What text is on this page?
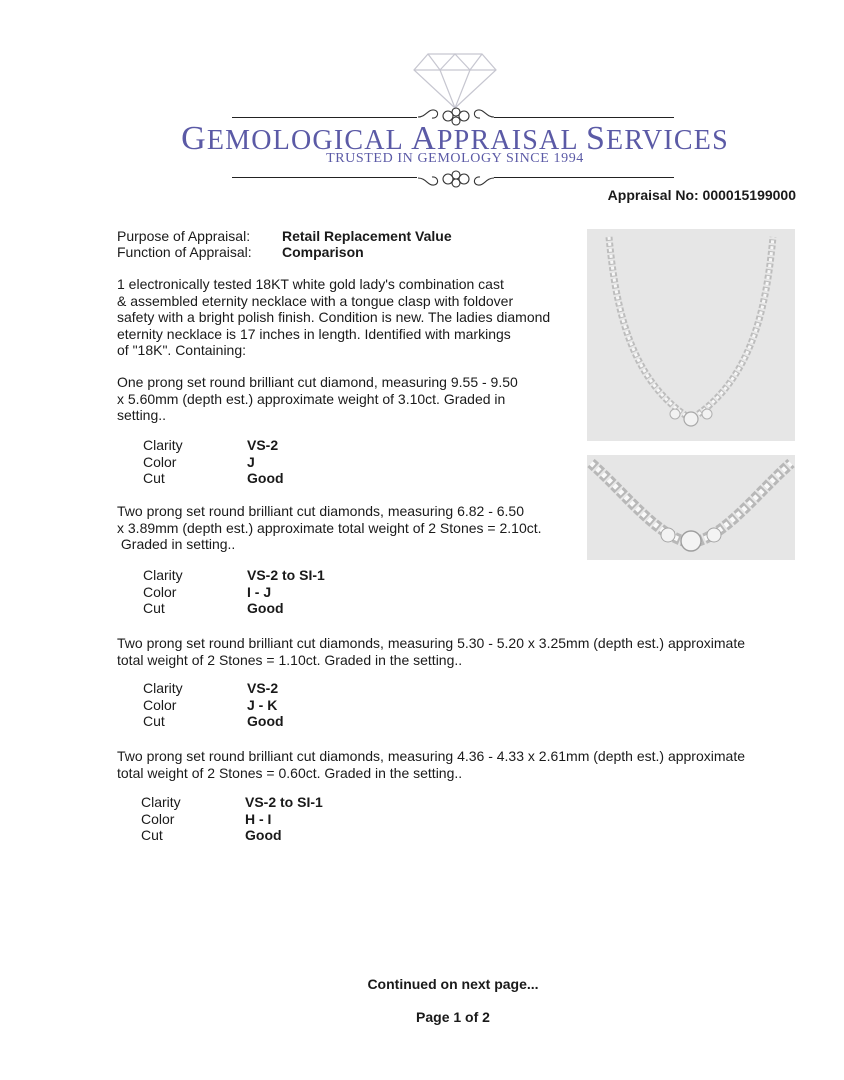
GEMOLOGICAL APPRAISAL SERVICES
TRUSTED IN GEMOLOGY SINCE 1994
Appraisal No: 000015199000
Purpose of Appraisal: Retail Replacement Value
Function of Appraisal: Comparison
1 electronically tested 18KT white gold lady's combination cast
& assembled eternity necklace with a tongue clasp with foldover
safety with a bright polish finish. Condition is new. The ladies diamond
eternity necklace is 17 inches in length. Identified with markings
of "18K". Containing:
One prong set round brilliant cut diamond, measuring 9.55 - 9.50
x 5.60mm (depth est.) approximate weight of 3.10ct. Graded in
setting..
Clarity	VS-2
Color	J
Cut	Good
Two prong set round brilliant cut diamonds, measuring 6.82 - 6.50
x 3.89mm (depth est.) approximate total weight of 2 Stones = 2.10ct.
Graded in setting..
Clarity	VS-2 to SI-1
Color	I - J
Cut	Good
Two prong set round brilliant cut diamonds, measuring 5.30 - 5.20 x 3.25mm (depth est.) approximate
total weight of 2 Stones = 1.10ct. Graded in the setting..
Clarity	VS-2
Color	J - K
Cut	Good
Two prong set round brilliant cut diamonds, measuring 4.36 - 4.33 x 2.61mm (depth est.) approximate
total weight of 2 Stones = 0.60ct. Graded in the setting..
Clarity	VS-2 to SI-1
Color	H - I
Cut	Good
Continued on next page...
Page 1 of 2
